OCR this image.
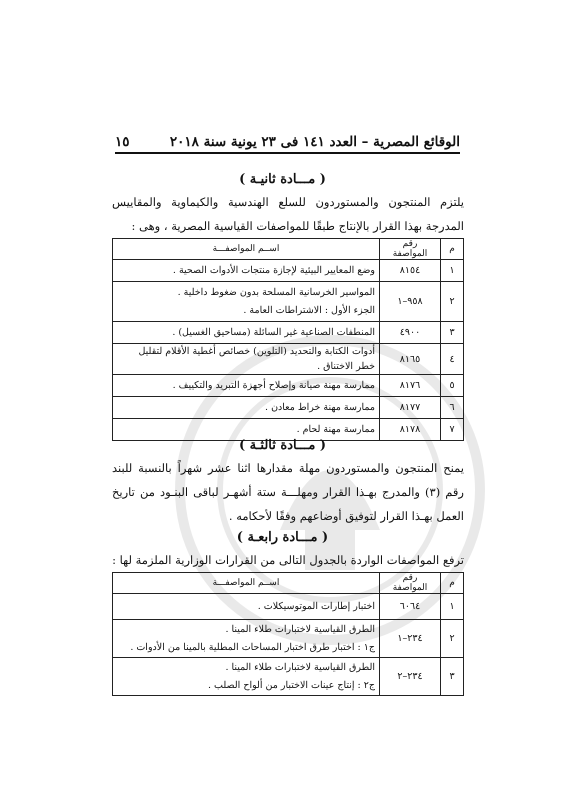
الوقائع المصرية – العدد ١٤١ فى ٢٣ يونية سنة ٢٠١٨
١٥
( مـــادة ثانيـة )
يلتزم المنتجون والمستوردون للسلع الهندسية والكيماوية والمقاييس المدرجة بهذا القرار بالإنتاج طبقًا للمواصفات القياسية المصرية ، وهى :
م	رقم المواصفة	اســم المواصفـــة
١	٨١٥٤	وضع المعايير البيئية لإجازة منتجات الأدوات الصحية .

٢	٩٥٨–١	المواسير الخرسانية المسلحة بدون ضغوط داخلية .
الجزء الأول : الاشتراطات العامة .

٣	٤٩٠٠	المنطفات الصناعية غير السائلة (مساحيق الغسيل) .

٤	٨١٦٥	أدوات الكتابة والتحديد (التلوين) خصائص أغطية الأقلام لتقليل خطر الاختناق .

٥	٨١٧٦	ممارسة مهنة صيانة وإصلاح أجهزة التبريد والتكييف .

٦	٨١٧٧	ممارسة مهنة خراط معادن .

٧	٨١٧٨	ممارسة مهنة لحام .
( مـــادة ثالثـة )
يمنح المنتجون والمستوردون مهلة مقدارها اثنا عشر شهراً بالنسبة للبند رقم (٣) والمدرج بهـذا القرار ومهلـــة ستة أشهـر لباقى البنـود من تاريخ العمل بهـذا القرار لتوفيق أوضاعهم وفقًا لأحكامه .
( مـــادة رابعـة )
ترفع المواصفات الواردة بالجدول التالى من القرارات الوزارية الملزمة لها :
م	رقم المواصفة	اســم المواصفـــة
١	٦٠٦٤	اختبار إطارات الموتوسيكلات .

٢	٢٣٤–١	الطرق القياسية لاختبارات طلاء المينا .
ج١ : اختبار طرق اختبار المساحات المطلية بالمينا من الأدوات .

٣	٢٣٤–٢	الطرق القياسية لاختبارات طلاء المينا .
ج٢ : إنتاج عينات الاختبار من ألواح الصلب .
